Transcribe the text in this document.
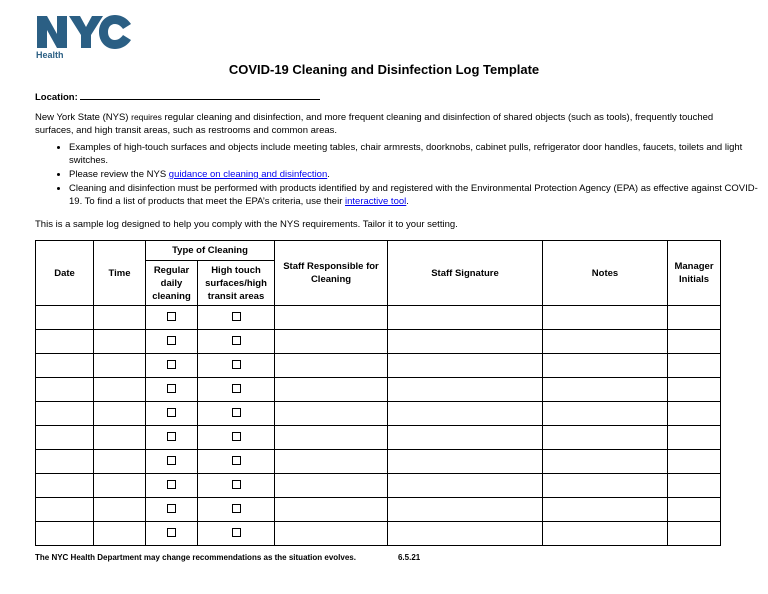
Health
COVID-19 Cleaning and Disinfection Log Template
Location:
New York State (NYS) requires regular cleaning and disinfection, and more frequent cleaning and disinfection of shared objects (such as tools), frequently touched surfaces, and high transit areas, such as restrooms and common areas.
• Examples of high-touch surfaces and objects include meeting tables, chair armrests, doorknobs, cabinet pulls, refrigerator door handles, faucets, toilets and light switches.
• Please review the NYS guidance on cleaning and disinfection.
• Cleaning and disinfection must be performed with products identified by and registered with the Environmental Protection Agency (EPA) as effective against COVID-19. To find a list of products that meet the EPA’s criteria, use their interactive tool.
This is a sample log designed to help you comply with the NYS requirements. Tailor it to your setting.
Date	Time	Type of Cleaning		Staff Responsible for Cleaning	Staff Signature	Notes	Manager Initials
		Regular daily cleaning	High touch surfaces/high transit areas				

The NYC Health Department may change recommendations as the situation evolves.	6.5.21
